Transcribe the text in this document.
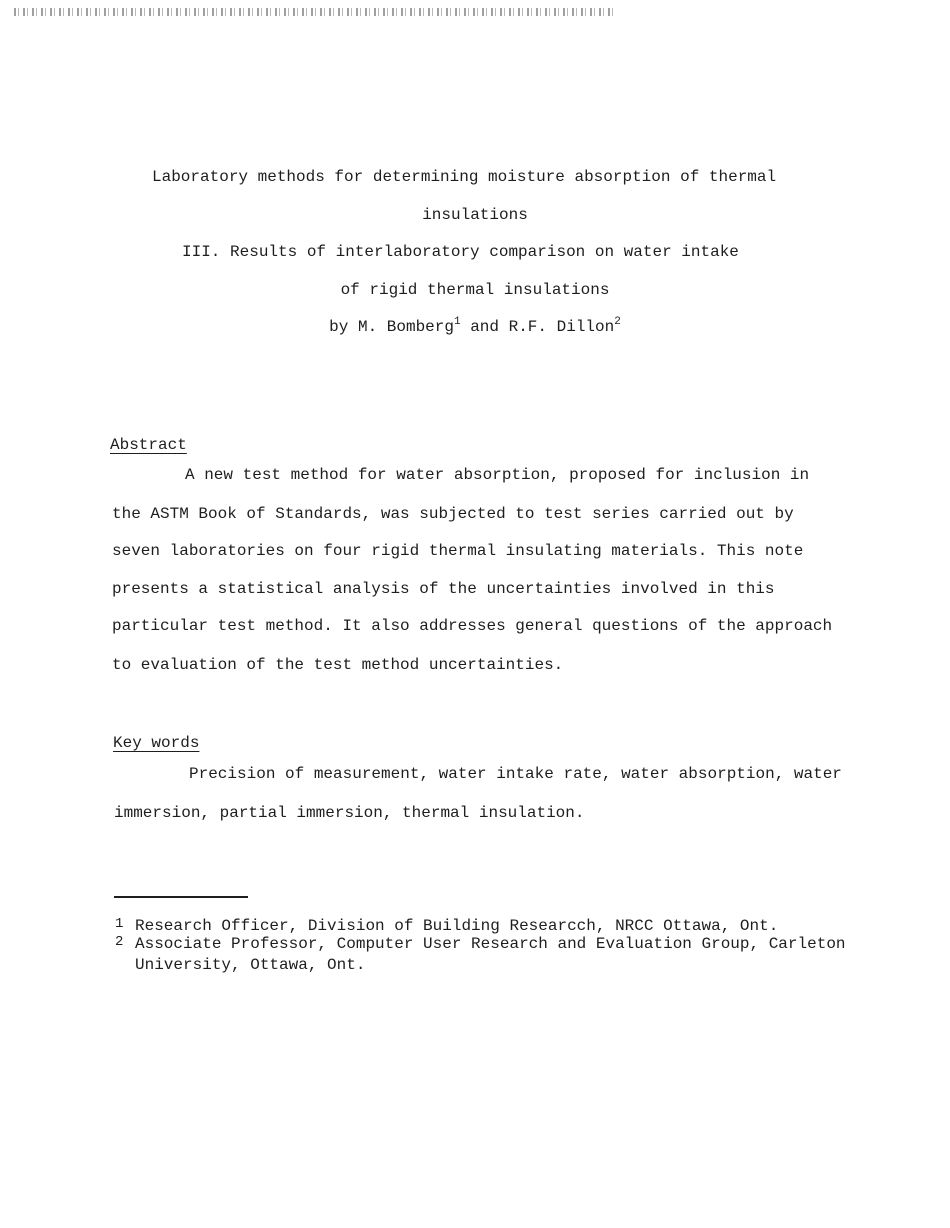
Laboratory methods for determining moisture absorption of thermal
insulations
III. Results of interlaboratory comparison on water intake
of rigid thermal insulations
by M. Bomberg$^1$ and R.F. Dillon$^2$
Abstract
A new test method for water absorption, proposed for inclusion in
the ASTM Book of Standards, was subjected to test series carried out by
seven laboratories on four rigid thermal insulating materials. This note
presents a statistical analysis of the uncertainties involved in this
particular test method. It also addresses general questions of the approach
to evaluation of the test method uncertainties.
Key words
Precision of measurement, water intake rate, water absorption, water
immersion, partial immersion, thermal insulation.
1 Research Officer, Division of Building Researcch, NRCC Ottawa, Ont.
2 Associate Professor, Computer User Research and Evaluation Group, Carleton
University, Ottawa, Ont.
